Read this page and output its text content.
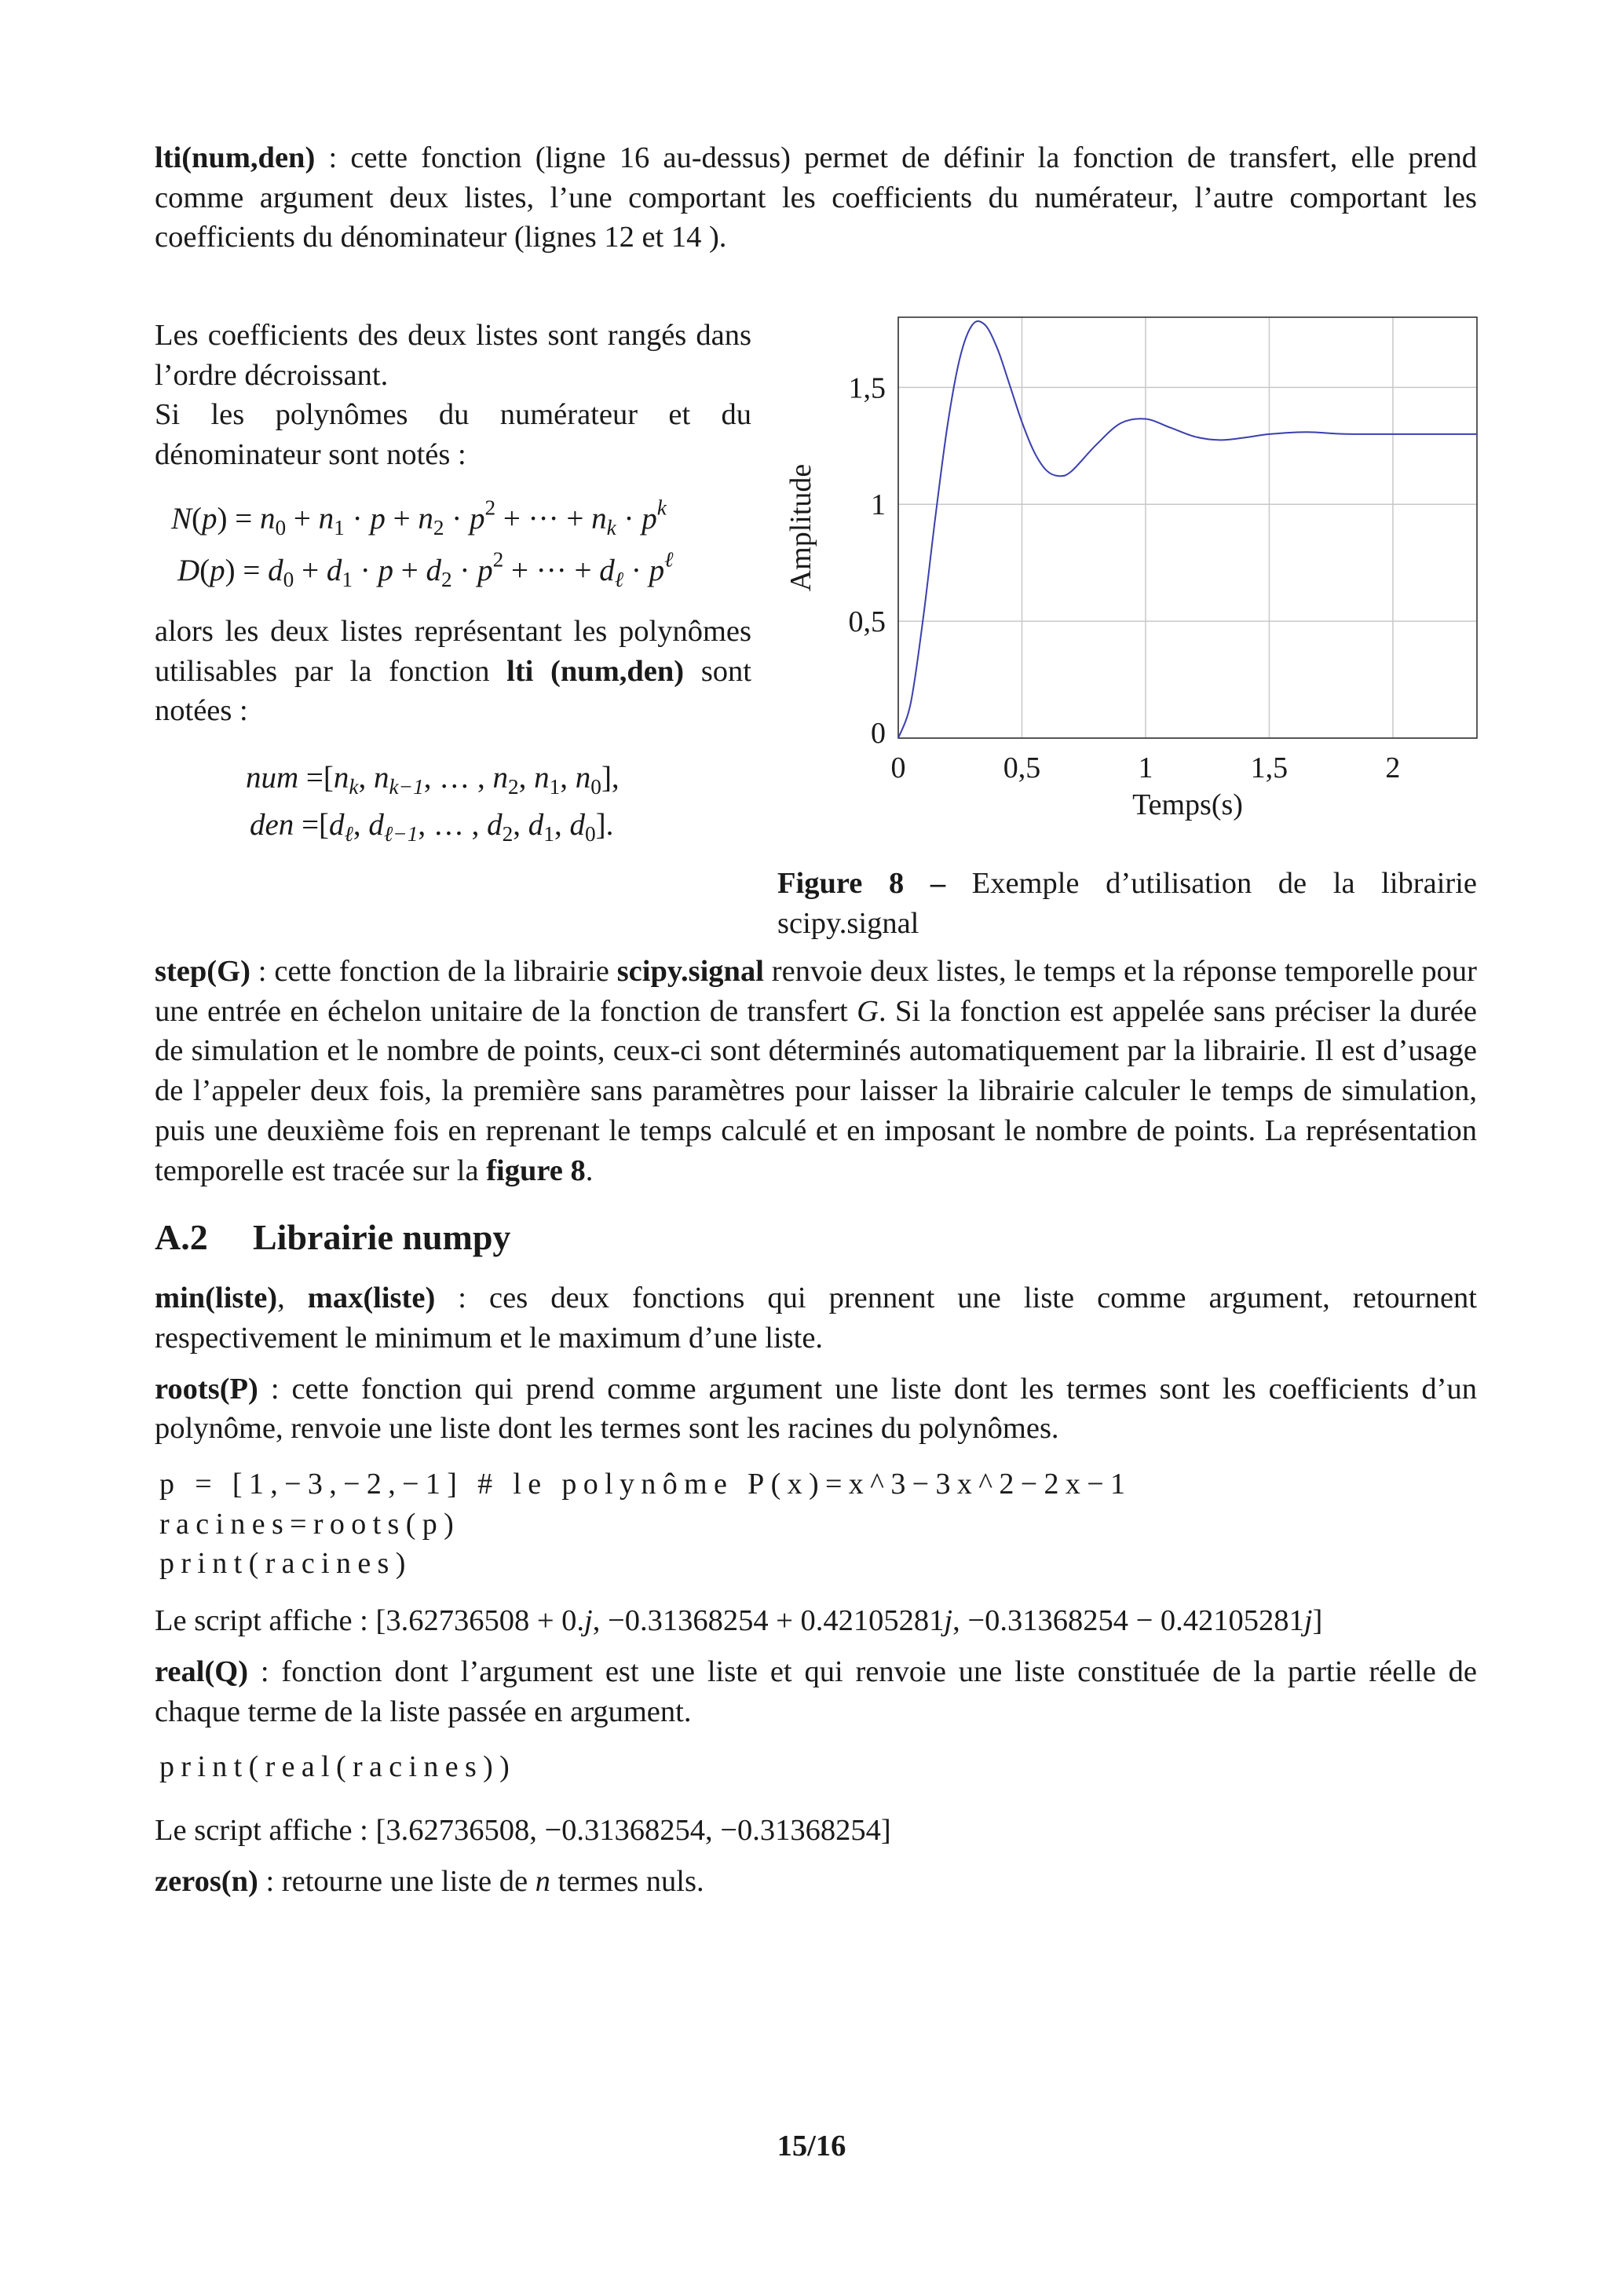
lti(num,den) : cette fonction (ligne 16 au-dessus) permet de définir la fonction de transfert, elle prend comme argument deux listes, l’une comportant les coefficients du numérateur, l’autre comportant les coefficients du dénominateur (lignes 12 et 14 ).
Les coefficients des deux listes sont rangés dans l’ordre décroissant.
Si les polynômes du numérateur et du dénominateur sont notés :
$N(p) = n_0 + n_1 \cdot p + n_2 \cdot p^2$ + ··· + $n_k \cdot p^k$
$D(p) = d_0 + d_1 \cdot p + d_2 \cdot p^2$ + ··· + $d_\ell \cdot p^\ell$
alors les deux listes représentant les polynômes utilisables par la fonction lti (num,den) sont notées :
num $=[n_k$, $n_{k-1}$, … , $n_2$, $n_1$, $n_0$],
den $=[d_\ell$, $d_{\ell-1}$, … , $d_2$, $d_1$, $d_0$].
0	0,5	1	1,5	2
0
0,5
1
1,5
Temps(s)
Amplitude
Figure 8 – Exemple d’utilisation de la librairie scipy.signal
step(G) : cette fonction de la librairie scipy.signal renvoie deux listes, le temps et la réponse temporelle pour une entrée en échelon unitaire de la fonction de transfert G. Si la fonction est appelée sans préciser la durée de simulation et le nombre de points, ceux-ci sont déterminés automatiquement par la librairie. Il est d’usage de l’appeler deux fois, la première sans paramètres pour laisser la librairie calculer le temps de simulation, puis une deuxième fois en reprenant le temps calculé et en imposant le nombre de points. La représentation temporelle est tracée sur la figure 8.
A.2 Librairie numpy
min(liste), max(liste) : ces deux fonctions qui prennent une liste comme argument, retournent respectivement le minimum et le maximum d’une liste.
roots(P) : cette fonction qui prend comme argument une liste dont les termes sont les coefficients d’un polynôme, renvoie une liste dont les termes sont les racines du polynômes.
p = [1,−3,−2,−1] # le polynôme P(x)=x^3−3x^2−2x−1
racines=roots(p)
print(racines)
Le script affiche : [3.62736508 + 0.j, −0.31368254 + 0.42105281j, −0.31368254 − 0.42105281j]
real(Q) : fonction dont l’argument est une liste et qui renvoie une liste constituée de la partie réelle de chaque terme de la liste passée en argument.
print(real(racines))
Le script affiche : [3.62736508, −0.31368254, −0.31368254]
zeros(n) : retourne une liste de n termes nuls.
15/16
